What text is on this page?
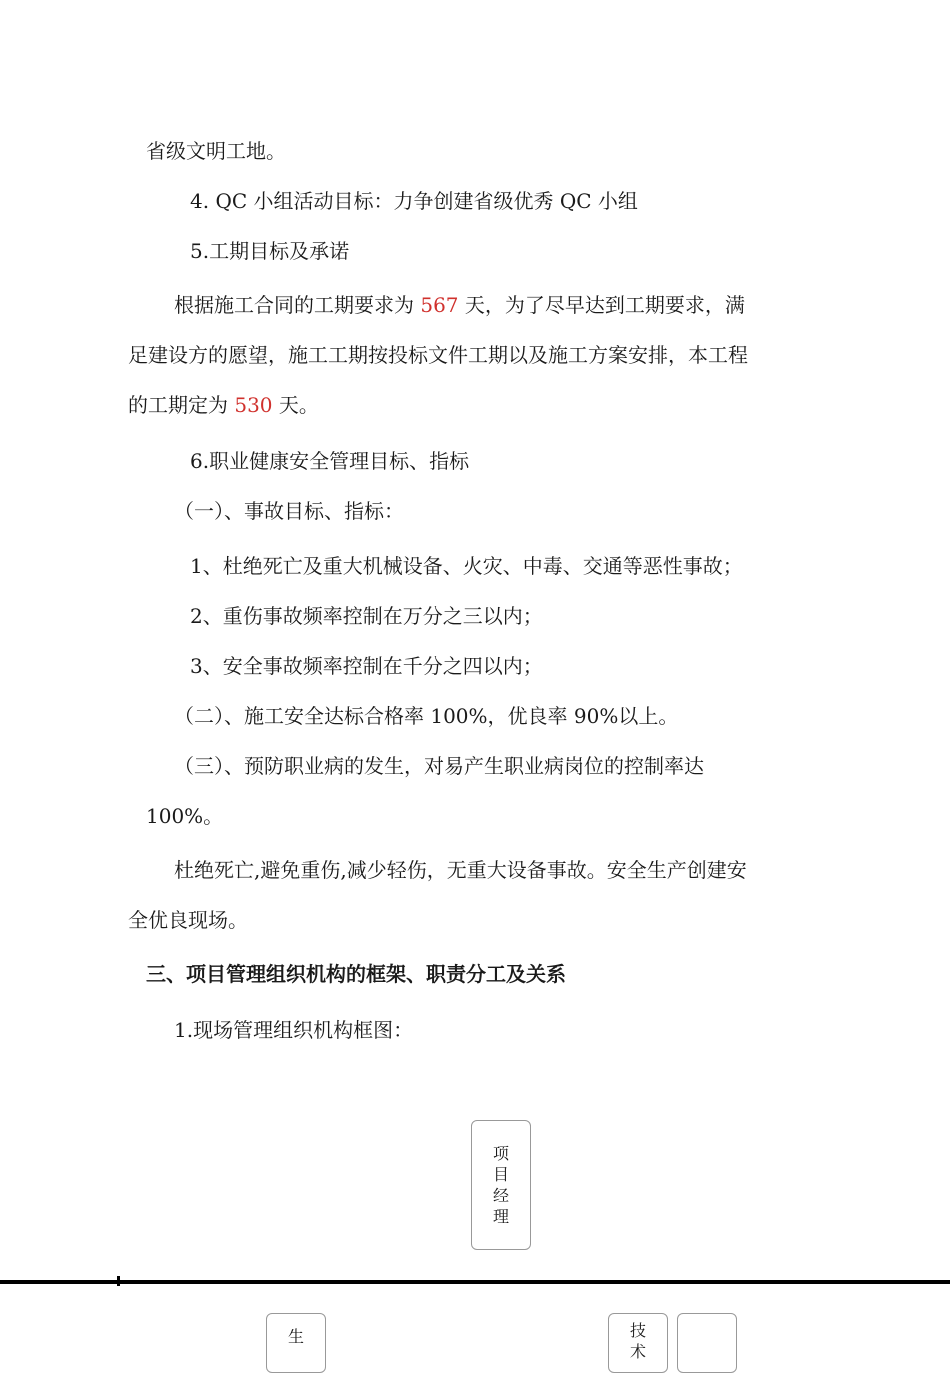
省级文明工地。
4. QC 小组活动目标：力争创建省级优秀 QC 小组
5.工期目标及承诺
根据施工合同的工期要求为 567 天，为了尽早达到工期要求，满
足建设方的愿望，施工工期按投标文件工期以及施工方案安排，本工程
的工期定为 530 天。
6.职业健康安全管理目标、指标
（一）、事故目标、指标：
1、杜绝死亡及重大机械设备、火灾、中毒、交通等恶性事故；
2、重伤事故频率控制在万分之三以内；
3、安全事故频率控制在千分之四以内；
（二）、施工安全达标合格率 100%，优良率 90%以上。
（三）、预防职业病的发生，对易产生职业病岗位的控制率达
100%。
杜绝死亡,避免重伤,减少轻伤，无重大设备事故。安全生产创建安
全优良现场。
三、项目管理组织机构的框架、职责分工及关系
1.现场管理组织机构框图：
项目经理
生	技术
